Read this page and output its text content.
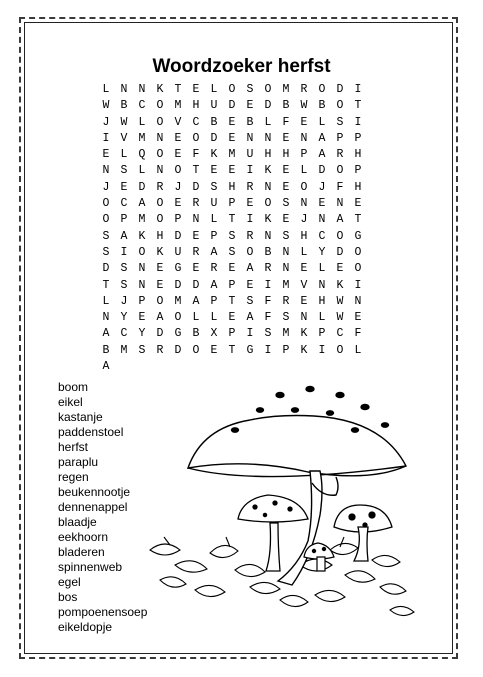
Woordzoeker herfst
L N N K T E L O S O M R O D I
W B C O M H U D E D B W B O T
J W L O V C B E B L F E L S I
I V M N E O D E N N E N A P P
E L Q O E F K M U H H P A R H
N S L N O T E E I K E L D O P
J E D R J D S H R N E O J F H
O C A O E R U P E O S N E N E
O P M O P N L T I K E J N A T
S A K H D E P S R N S H C O G
S I O K U R A S O B N L Y D O
D S N E G E R E A R N E L E O
T S N E D D A P E I M V N K I
L J P O M A P T S F R E H W N
N Y E A O L L E A F S N L W E
A C Y D G B X P I S M K P C F
B M S R D O E T G I P K I O L
A
boom
eikel
kastanje
paddenstoel
herfst
paraplu
regen
beukennootje
dennenappel
blaadje
eekhoorn
bladeren
spinnenweb
egel
bos
pompoenensoep
eikeldopje
